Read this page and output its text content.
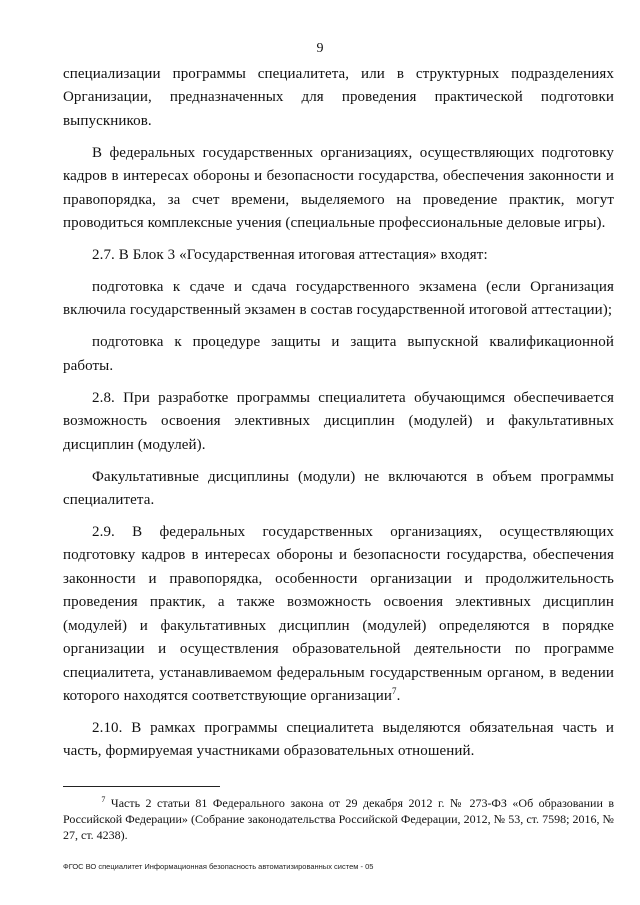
9

специализации программы специалитета, или в структурных подразделениях Организации, предназначенных для проведения практической подготовки выпускников.

В федеральных государственных организациях, осуществляющих подготовку кадров в интересах обороны и безопасности государства, обеспечения законности и правопорядка, за счет времени, выделяемого на проведение практик, могут проводиться комплексные учения (специальные профессиональные деловые игры).

2.7. В Блок 3 «Государственная итоговая аттестация» входят:

подготовка к сдаче и сдача государственного экзамена (если Организация включила государственный экзамен в состав государственной итоговой аттестации);

подготовка к процедуре защиты и защита выпускной квалификационной работы.

2.8. При разработке программы специалитета обучающимся обеспечивается возможность освоения элективных дисциплин (модулей) и факультативных дисциплин (модулей).

Факультативные дисциплины (модули) не включаются в объем программы специалитета.

2.9. В федеральных государственных организациях, осуществляющих подготовку кадров в интересах обороны и безопасности государства, обеспечения законности и правопорядка, особенности организации и продолжительность проведения практик, а также возможность освоения элективных дисциплин (модулей) и факультативных дисциплин (модулей) определяются в порядке организации и осуществления образовательной деятельности по программе специалитета, устанавливаемом федеральным государственным органом, в ведении которого находятся соответствующие организации$^7$.

2.10. В рамках программы специалитета выделяются обязательная часть и часть, формируемая участниками образовательных отношений.

$^7$ Часть 2 статьи 81 Федерального закона от 29 декабря 2012 г. № 273-ФЗ «Об образовании в Российской Федерации» (Собрание законодательства Российской Федерации, 2012, № 53, ст. 7598; 2016, № 27, ст. 4238).
ФГОС ВО специалитет Информационная безопасность автоматизированных систем - 05
